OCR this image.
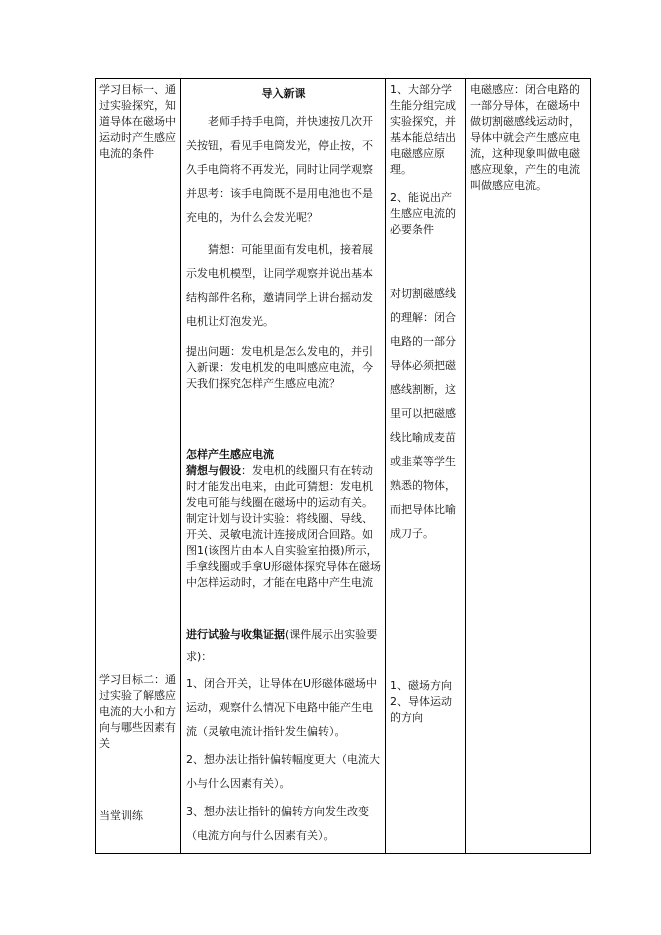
学习目标一、通过实验探究，知道导体在磁场中运动时产生感应电流的条件
学习目标二：通过实验了解感应电流的大小和方向与哪些因素有关
当堂训练
导入新课
老师手持手电筒，并快速按几次开关按钮，看见手电筒发光，停止按，不久手电筒将不再发光，同时让同学观察并思考：该手电筒既不是用电池也不是充电的，为什么会发光呢？
猜想：可能里面有发电机，接着展示发电机模型，让同学观察并说出基本结构部件名称，邀请同学上讲台摇动发电机让灯泡发光。
提出问题：发电机是怎么发电的，并引入新课：发电机发的电叫感应电流，今天我们探究怎样产生感应电流？
怎样产生感应电流
猜想与假设：发电机的线圈只有在转动时才能发出电来，由此可猜想：发电机发电可能与线圈在磁场中的运动有关。制定计划与设计实验：将线圈、导线、开关、灵敏电流计连接成闭合回路。如图1(该图片由本人自实验室拍摄)所示，手拿线圈或手拿U形磁体探究导体在磁场中怎样运动时，才能在电路中产生电流
进行试验与收集证据(课件展示出实验要求)：
1、闭合开关，让导体在U形磁体磁场中运动，观察什么情况下电路中能产生电流（灵敏电流计指针发生偏转）。
2、想办法让指针偏转幅度更大（电流大小与什么因素有关）。
3、想办法让指针的偏转方向发生改变（电流方向与什么因素有关）。
1、大部分学生能分组完成实验探究，并基本能总结出电磁感应原理。
2、能说出产生感应电流的必要条件
对切割磁感线的理解：闭合电路的一部分导体必须把磁感线割断，这里可以把磁感线比喻成麦苗或韭菜等学生熟悉的物体，而把导体比喻成刀子。
1、磁场方向
2、导体运动的方向
电磁感应：闭合电路的一部分导体，在磁场中做切割磁感线运动时，导体中就会产生感应电流，这种现象叫做电磁感应现象，产生的电流叫做感应电流。
